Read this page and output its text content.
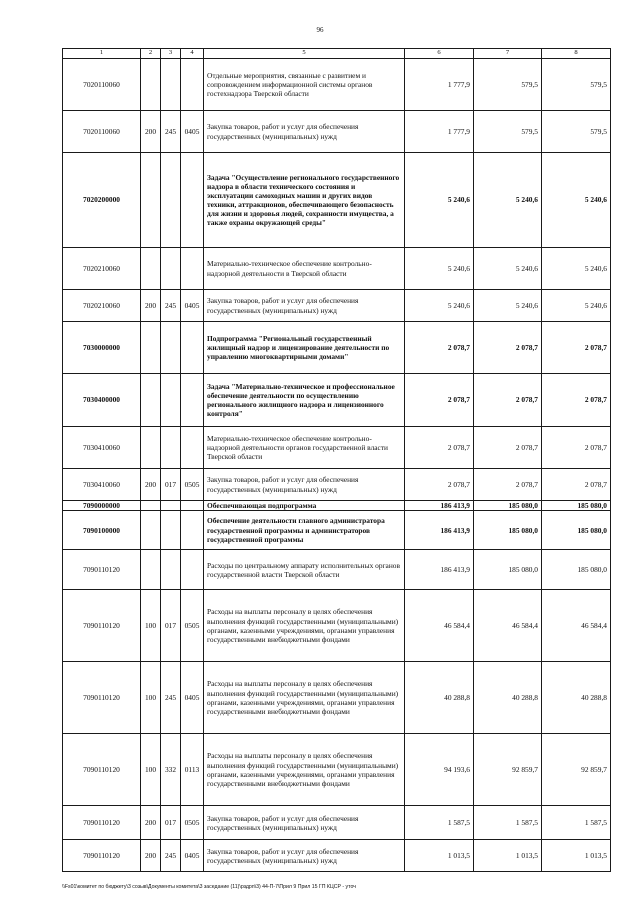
96
1	2	3	4	5	6	7	8
7020110060				Отдельные мероприятия, связанные с развитием и сопровождением информационной системы органов гостехнадзора Тверской области	1 777,9	579,5	579,5
7020110060	200	245	0405	Закупка товаров, работ и услуг для обеспечения государственных (муниципальных) нужд	1 777,9	579,5	579,5
7020200000				Задача "Осуществление регионального государственного надзора в области технического состояния и эксплуатации самоходных машин и других видов техники, аттракционов, обеспечивающего безопасность для жизни и здоровья людей, сохранности имущества, а также охраны окружающей среды"	5 240,6	5 240,6	5 240,6
7020210060				Материально-техническое обеспечение контрольно-надзорной деятельности в Тверской области	5 240,6	5 240,6	5 240,6
7020210060	200	245	0405	Закупка товаров, работ и услуг для обеспечения государственных (муниципальных) нужд	5 240,6	5 240,6	5 240,6
7030000000				Подпрограмма "Региональный государственный жилищный надзор и лицензирование деятельности по управлению многоквартирными домами"	2 078,7	2 078,7	2 078,7
7030400000				Задача "Материально-техническое и профессиональное обеспечение деятельности по осуществлению регионального жилищного надзора и лицензионного контроля"	2 078,7	2 078,7	2 078,7
7030410060				Материально-техническое обеспечение контрольно-надзорной деятельности органов государственной власти Тверской области	2 078,7	2 078,7	2 078,7
7030410060	200	017	0505	Закупка товаров, работ и услуг для обеспечения государственных (муниципальных) нужд	2 078,7	2 078,7	2 078,7
7090000000				Обеспечивающая подпрограмма	186 413,9	185 080,0	185 080,0
7090100000				Обеспечение деятельности главного администратора государственной программы и администраторов государственной программы	186 413,9	185 080,0	185 080,0
7090110120				Расходы по центральному аппарату исполнительных органов государственной власти Тверской области	186 413,9	185 080,0	185 080,0
7090110120	100	017	0505	Расходы на выплаты персоналу в целях обеспечения выполнения функций государственными (муниципальными) органами, казенными учреждениями, органами управления государственными внебюджетными фондами	46 584,4	46 584,4	46 584,4
7090110120	100	245	0405	Расходы на выплаты персоналу в целях обеспечения выполнения функций государственными (муниципальными) органами, казенными учреждениями, органами управления государственными внебюджетными фондами	40 288,8	40 288,8	40 288,8
7090110120	100	332	0113	Расходы на выплаты персоналу в целях обеспечения выполнения функций государственными (муниципальными) органами, казенными учреждениями, органами управления государственными внебюджетными фондами	94 193,6	92 859,7	92 859,7
7090110120	200	017	0505	Закупка товаров, работ и услуг для обеспечения государственных (муниципальных) нужд	1 587,5	1 587,5	1 587,5
7090110120	200	245	0405	Закупка товаров, работ и услуг для обеспечения государственных (муниципальных) нужд	1 013,5	1 013,5	1 013,5
\\Fs01\комитет по бюджету\3 созыв\Документы комитета\3 заседание (11)\рздрп\3) 44-П-7\Прил 9 Прил 15 ГП КЦСР - уточ
